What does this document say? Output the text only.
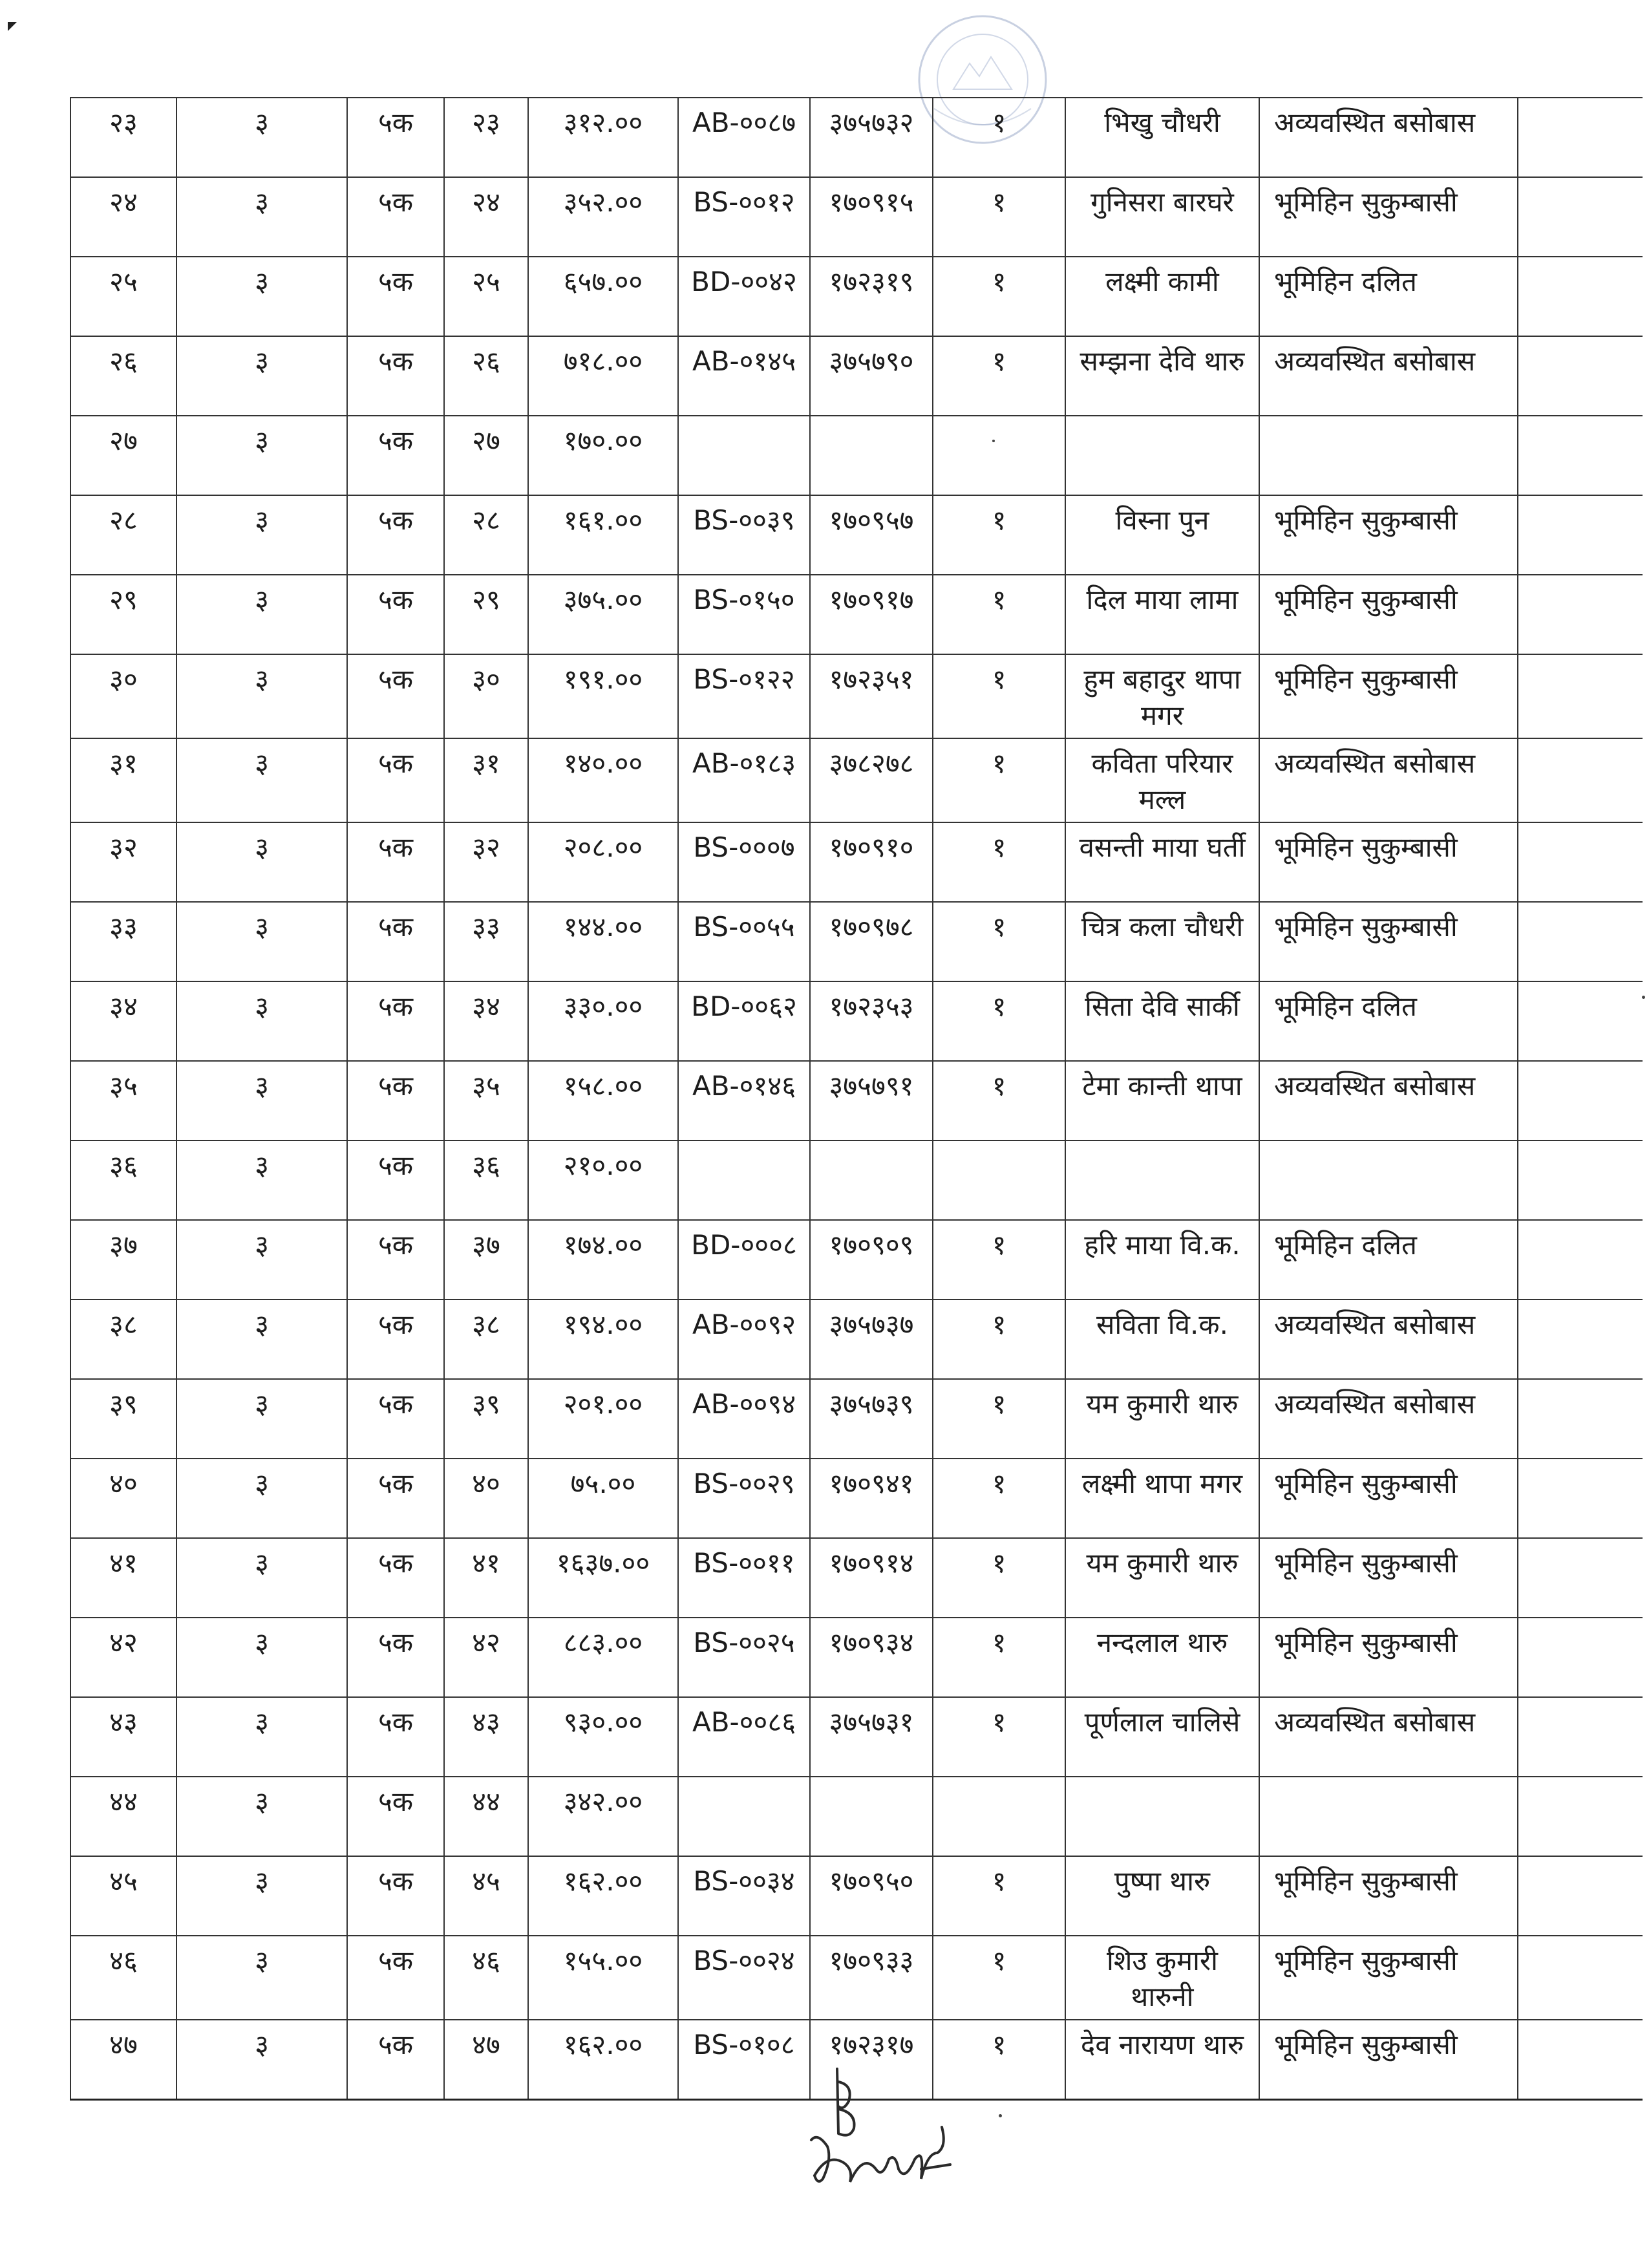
२३	३	५क	२३	३१२.००	AB-००८७	३७५७३२	१	भिखु चौधरी	अव्यवस्थित बसोबास	
२४	३	५क	२४	३५२.००	BS-००१२	१७०९१५	१	गुनिसरा बारघरे	भूमिहिन सुकुम्बासी	
२५	३	५क	२५	६५७.००	BD-००४२	१७२३१९	१	लक्ष्मी कामी	भूमिहिन दलित	
२६	३	५क	२६	७१८.००	AB-०१४५	३७५७९०	१	सम्झना देवि थारु	अव्यवस्थित बसोबास	
२७	३	५क	२७	१७०.००						
२८	३	५क	२८	१६१.००	BS-००३९	१७०९५७	१	विस्ना पुन	भूमिहिन सुकुम्बासी	
२९	३	५क	२९	३७५.००	BS-०१५०	१७०९१७	१	दिल माया लामा	भूमिहिन सुकुम्बासी	
३०	३	५क	३०	१९१.००	BS-०१२२	१७२३५१	१	हुम बहादुर थापा मगर	भूमिहिन सुकुम्बासी	
३१	३	५क	३१	१४०.००	AB-०१८३	३७८२७८	१	कविता परियार मल्ल	अव्यवस्थित बसोबास	
३२	३	५क	३२	२०८.००	BS-०००७	१७०९१०	१	वसन्ती माया घर्ती	भूमिहिन सुकुम्बासी	
३३	३	५क	३३	१४४.००	BS-००५५	१७०९७८	१	चित्र कला चौधरी	भूमिहिन सुकुम्बासी	
३४	३	५क	३४	३३०.००	BD-००६२	१७२३५३	१	सिता देवि सार्की	भूमिहिन दलित	
३५	३	५क	३५	१५८.००	AB-०१४६	३७५७९१	१	टेमा कान्ती थापा	अव्यवस्थित बसोबास	
३६	३	५क	३६	२१०.००						
३७	३	५क	३७	१७४.००	BD-०००८	१७०९०९	१	हरि माया वि.क.	भूमिहिन दलित	
३८	३	५क	३८	१९४.००	AB-००९२	३७५७३७	१	सविता वि.क.	अव्यवस्थित बसोबास	
३९	३	५क	३९	२०१.००	AB-००९४	३७५७३९	१	यम कुमारी थारु	अव्यवस्थित बसोबास	
४०	३	५क	४०	७५.००	BS-००२९	१७०९४१	१	लक्ष्मी थापा मगर	भूमिहिन सुकुम्बासी	
४१	३	५क	४१	१६३७.००	BS-००११	१७०९१४	१	यम कुमारी थारु	भूमिहिन सुकुम्बासी	
४२	३	५क	४२	८८३.००	BS-००२५	१७०९३४	१	नन्दलाल थारु	भूमिहिन सुकुम्बासी	
४३	३	५क	४३	९३०.००	AB-००८६	३७५७३१	१	पूर्णलाल चालिसे	अव्यवस्थित बसोबास	
४४	३	५क	४४	३४२.००						
४५	३	५क	४५	१६२.००	BS-००३४	१७०९५०	१	पुष्पा थारु	भूमिहिन सुकुम्बासी	
४६	३	५क	४६	१५५.००	BS-००२४	१७०९३३	१	शिउ कुमारी थारुनी	भूमिहिन सुकुम्बासी	
४७	३	५क	४७	१६२.००	BS-०१०८	१७२३१७	१	देव नारायण थारु	भूमिहिन सुकुम्बासी	
